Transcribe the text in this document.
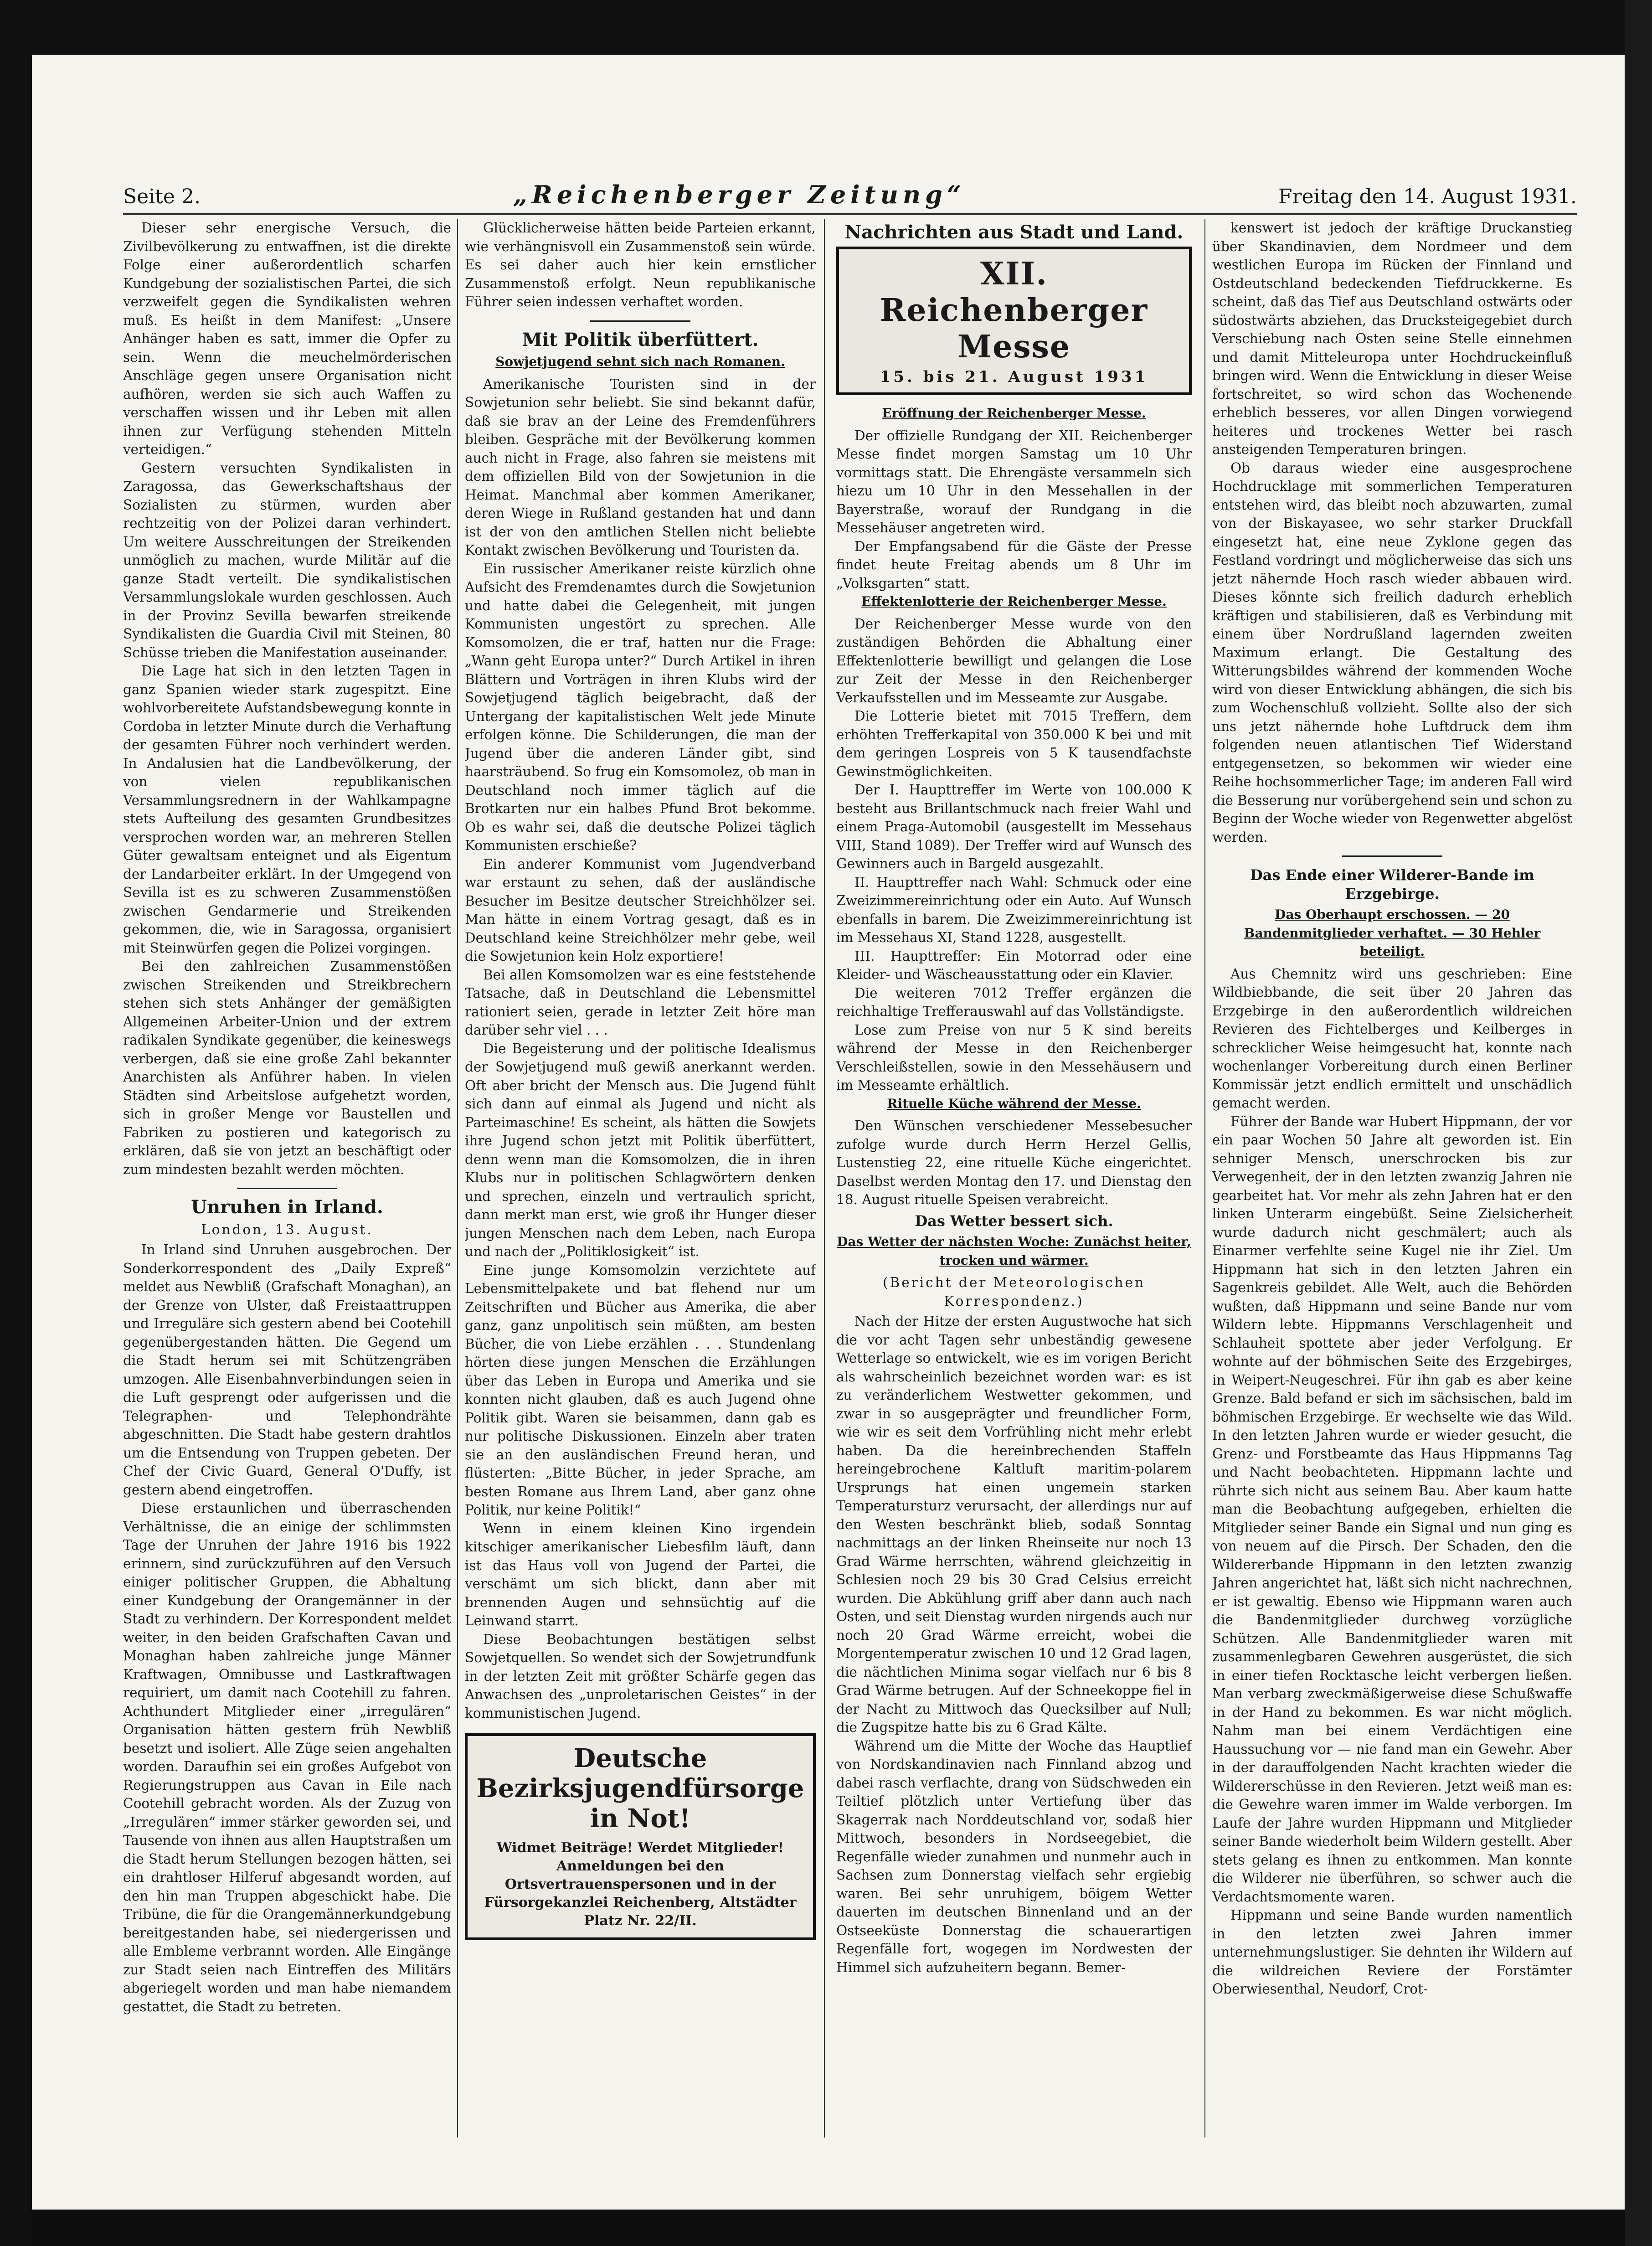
Seite 2.	„Reichenberger Zeitung“	Freitag den 14. August 1931.

Dieser sehr energische Versuch, die Zivilbevölkerung zu entwaffnen, ist die direkte Folge einer außerordentlich scharfen Kundgebung der sozialistischen Partei, die sich verzweifelt gegen die Syndikalisten wehren muß. Es heißt in dem Manifest: „Unsere Anhänger haben es satt, immer die Opfer zu sein. Wenn die meuchelmörderischen Anschläge gegen unsere Organisation nicht aufhören, werden sie sich auch Waffen zu verschaffen wissen und ihr Leben mit allen ihnen zur Verfügung stehenden Mitteln verteidigen.“

Gestern versuchten Syndikalisten in Zaragossa, das Gewerkschaftshaus der Sozialisten zu stürmen, wurden aber rechtzeitig von der Polizei daran verhindert. Um weitere Ausschreitungen der Streikenden unmöglich zu machen, wurde Militär auf die ganze Stadt verteilt. Die syndikalistischen Versammlungslokale wurden geschlossen. Auch in der Provinz Sevilla bewarfen streikende Syndikalisten die Guardia Civil mit Steinen, 80 Schüsse trieben die Manifestation auseinander.

Die Lage hat sich in den letzten Tagen in ganz Spanien wieder stark zugespitzt. Eine wohlvorbereitete Aufstandsbewegung konnte in Cordoba in letzter Minute durch die Verhaftung der gesamten Führer noch verhindert werden. In Andalusien hat die Landbevölkerung, der von vielen republikanischen Versammlungsrednern in der Wahlkampagne stets Aufteilung des gesamten Grundbesitzes versprochen worden war, an mehreren Stellen Güter gewaltsam enteignet und als Eigentum der Landarbeiter erklärt. In der Umgegend von Sevilla ist es zu schweren Zusammenstößen zwischen Gendarmerie und Streikenden gekommen, die, wie in Saragossa, organisiert mit Steinwürfen gegen die Polizei vorgingen.

Bei den zahlreichen Zusammenstößen zwischen Streikenden und Streikbrechern stehen sich stets Anhänger der gemäßigten Allgemeinen Arbeiter-Union und der extrem radikalen Syndikate gegenüber, die keineswegs verbergen, daß sie eine große Zahl bekannter Anarchisten als Anführer haben. In vielen Städten sind Arbeitslose aufgehetzt worden, sich in großer Menge vor Baustellen und Fabriken zu postieren und kategorisch zu erklären, daß sie von jetzt an beschäftigt oder zum mindesten bezahlt werden möchten.

Unruhen in Irland.
London, 13. August.

In Irland sind Unruhen ausgebrochen. Der Sonderkorrespondent des „Daily Expreß“ meldet aus Newbliß (Grafschaft Monaghan), an der Grenze von Ulster, daß Freistaattruppen und Irreguläre sich gestern abend bei Cootehill gegenübergestanden hätten. Die Gegend um die Stadt herum sei mit Schützengräben umzogen. Alle Eisenbahnverbindungen seien in die Luft gesprengt oder aufgerissen und die Telegraphen- und Telephondrähte abgeschnitten. Die Stadt habe gestern drahtlos um die Entsendung von Truppen gebeten. Der Chef der Civic Guard, General O'Duffy, ist gestern abend eingetroffen.

Diese erstaunlichen und überraschenden Verhältnisse, die an einige der schlimmsten Tage der Unruhen der Jahre 1916 bis 1922 erinnern, sind zurückzuführen auf den Versuch einiger politischer Gruppen, die Abhaltung einer Kundgebung der Orangemänner in der Stadt zu verhindern. Der Korrespondent meldet weiter, in den beiden Grafschaften Cavan und Monaghan haben zahlreiche junge Männer Kraftwagen, Omnibusse und Lastkraftwagen requiriert, um damit nach Cootehill zu fahren. Achthundert Mitglieder einer „irregulären“ Organisation hätten gestern früh Newbliß besetzt und isoliert. Alle Züge seien angehalten worden. Daraufhin sei ein großes Aufgebot von Regierungstruppen aus Cavan in Eile nach Cootehill gebracht worden. Als der Zuzug von „Irregulären“ immer stärker geworden sei, und Tausende von ihnen aus allen Hauptstraßen um die Stadt herum Stellungen bezogen hätten, sei ein drahtloser Hilferuf abgesandt worden, auf den hin man Truppen abgeschickt habe. Die Tribüne, die für die Orangemännerkundgebung bereitgestanden habe, sei niedergerissen und alle Embleme verbrannt worden. Alle Eingänge zur Stadt seien nach Eintreffen des Militärs abgeriegelt worden und man habe niemandem gestattet, die Stadt zu betreten.

Glücklicherweise hätten beide Parteien erkannt, wie verhängnisvoll ein Zusammenstoß sein würde. Es sei daher auch hier kein ernstlicher Zusammenstoß erfolgt. Neun republikanische Führer seien indessen verhaftet worden.

Mit Politik überfüttert.
Sowjetjugend sehnt sich nach Romanen.

Amerikanische Touristen sind in der Sowjetunion sehr beliebt. Sie sind bekannt dafür, daß sie brav an der Leine des Fremdenführers bleiben. Gespräche mit der Bevölkerung kommen auch nicht in Frage, also fahren sie meistens mit dem offiziellen Bild von der Sowjetunion in die Heimat. Manchmal aber kommen Amerikaner, deren Wiege in Rußland gestanden hat und dann ist der von den amtlichen Stellen nicht beliebte Kontakt zwischen Bevölkerung und Touristen da.

Ein russischer Amerikaner reiste kürzlich ohne Aufsicht des Fremdenamtes durch die Sowjetunion und hatte dabei die Gelegenheit, mit jungen Kommunisten ungestört zu sprechen. Alle Komsomolzen, die er traf, hatten nur die Frage: „Wann geht Europa unter?“ Durch Artikel in ihren Blättern und Vorträgen in ihren Klubs wird der Sowjetjugend täglich beigebracht, daß der Untergang der kapitalistischen Welt jede Minute erfolgen könne. Die Schilderungen, die man der Jugend über die anderen Länder gibt, sind haarsträubend. So frug ein Komsomolez, ob man in Deutschland noch immer täglich auf die Brotkarten nur ein halbes Pfund Brot bekomme. Ob es wahr sei, daß die deutsche Polizei täglich Kommunisten erschieße?

Ein anderer Kommunist vom Jugendverband war erstaunt zu sehen, daß der ausländische Besucher im Besitze deutscher Streichhölzer sei. Man hätte in einem Vortrag gesagt, daß es in Deutschland keine Streichhölzer mehr gebe, weil die Sowjetunion kein Holz exportiere!

Bei allen Komsomolzen war es eine feststehende Tatsache, daß in Deutschland die Lebensmittel rationiert seien, gerade in letzter Zeit höre man darüber sehr viel . . .

Die Begeisterung und der politische Idealismus der Sowjetjugend muß gewiß anerkannt werden. Oft aber bricht der Mensch aus. Die Jugend fühlt sich dann auf einmal als Jugend und nicht als Parteimaschine! Es scheint, als hätten die Sowjets ihre Jugend schon jetzt mit Politik überfüttert, denn wenn man die Komsomolzen, die in ihren Klubs nur in politischen Schlagwörtern denken und sprechen, einzeln und vertraulich spricht, dann merkt man erst, wie groß ihr Hunger dieser jungen Menschen nach dem Leben, nach Europa und nach der „Politiklosigkeit“ ist.

Eine junge Komsomolzin verzichtete auf Lebensmittelpakete und bat flehend nur um Zeitschriften und Bücher aus Amerika, die aber ganz, ganz unpolitisch sein müßten, am besten Bücher, die von Liebe erzählen . . . Stundenlang hörten diese jungen Menschen die Erzählungen über das Leben in Europa und Amerika und sie konnten nicht glauben, daß es auch Jugend ohne Politik gibt. Waren sie beisammen, dann gab es nur politische Diskussionen. Einzeln aber traten sie an den ausländischen Freund heran, und flüsterten: „Bitte Bücher, in jeder Sprache, am besten Romane aus Ihrem Land, aber ganz ohne Politik, nur keine Politik!“

Wenn in einem kleinen Kino irgendein kitschiger amerikanischer Liebesfilm läuft, dann ist das Haus voll von Jugend der Partei, die verschämt um sich blickt, dann aber mit brennenden Augen und sehnsüchtig auf die Leinwand starrt.

Diese Beobachtungen bestätigen selbst Sowjetquellen. So wendet sich der Sowjetrundfunk in der letzten Zeit mit größter Schärfe gegen das Anwachsen des „unproletarischen Geistes“ in der kommunistischen Jugend.

Deutsche Bezirksjugendfürsorge in Not!
Widmet Beiträge! Werdet Mitglieder! Anmeldungen bei den Ortsvertrauenspersonen und in der Fürsorgekanzlei Reichenberg, Altstädter Platz Nr. 22/II.
Nachrichten aus Stadt und Land.
XII. Reichenberger Messe
15. bis 21. August 1931
Eröffnung der Reichenberger Messe.

Der offizielle Rundgang der XII. Reichenberger Messe findet morgen Samstag um 10 Uhr vormittags statt. Die Ehrengäste versammeln sich hiezu um 10 Uhr in den Messehallen in der Bayerstraße, worauf der Rundgang in die Messehäuser angetreten wird.

Der Empfangsabend für die Gäste der Presse findet heute Freitag abends um 8 Uhr im „Volksgarten“ statt.

Effektenlotterie der Reichenberger Messe.

Der Reichenberger Messe wurde von den zuständigen Behörden die Abhaltung einer Effektenlotterie bewilligt und gelangen die Lose zur Zeit der Messe in den Reichenberger Verkaufsstellen und im Messeamte zur Ausgabe.

Die Lotterie bietet mit 7015 Treffern, dem erhöhten Trefferkapital von 350.000 K bei und mit dem geringen Lospreis von 5 K tausendfachste Gewinstmöglichkeiten.

Der I. Haupttreffer im Werte von 100.000 K besteht aus Brillantschmuck nach freier Wahl und einem Praga-Automobil (ausgestellt im Messehaus VIII, Stand 1089). Der Treffer wird auf Wunsch des Gewinners auch in Bargeld ausgezahlt.

II. Haupttreffer nach Wahl: Schmuck oder eine Zweizimmereinrichtung oder ein Auto. Auf Wunsch ebenfalls in barem. Die Zweizimmereinrichtung ist im Messehaus XI, Stand 1228, ausgestellt.

III. Haupttreffer: Ein Motorrad oder eine Kleider- und Wäscheausstattung oder ein Klavier.

Die weiteren 7012 Treffer ergänzen die reichhaltige Trefferauswahl auf das Vollständigste.

Lose zum Preise von nur 5 K sind bereits während der Messe in den Reichenberger Verschleißstellen, sowie in den Messehäusern und im Messeamte erhältlich.

Rituelle Küche während der Messe.

Den Wünschen verschiedener Messebesucher zufolge wurde durch Herrn Herzel Gellis, Lustenstieg 22, eine rituelle Küche eingerichtet. Daselbst werden Montag den 17. und Dienstag den 18. August rituelle Speisen verabreicht.

Das Wetter bessert sich.
Das Wetter der nächsten Woche: Zunächst heiter, trocken und wärmer.
(Bericht der Meteorologischen Korrespondenz.)

Nach der Hitze der ersten Augustwoche hat sich die vor acht Tagen sehr unbeständig gewesene Wetterlage so entwickelt, wie es im vorigen Bericht als wahrscheinlich bezeichnet worden war: es ist zu veränderlichem Westwetter gekommen, und zwar in so ausgeprägter und freundlicher Form, wie wir es seit dem Vorfrühling nicht mehr erlebt haben. Da die hereinbrechenden Staffeln hereingebrochene Kaltluft maritim-polarem Ursprungs hat einen ungemein starken Temperatursturz verursacht, der allerdings nur auf den Westen beschränkt blieb, sodaß Sonntag nachmittags an der linken Rheinseite nur noch 13 Grad Wärme herrschten, während gleichzeitig in Schlesien noch 29 bis 30 Grad Celsius erreicht wurden. Die Abkühlung griff aber dann auch nach Osten, und seit Dienstag wurden nirgends auch nur noch 20 Grad Wärme erreicht, wobei die Morgentemperatur zwischen 10 und 12 Grad lagen, die nächtlichen Minima sogar vielfach nur 6 bis 8 Grad Wärme betrugen. Auf der Schneekoppe fiel in der Nacht zu Mittwoch das Quecksilber auf Null; die Zugspitze hatte bis zu 6 Grad Kälte.

Während um die Mitte der Woche das Hauptlief von Nordskandinavien nach Finnland abzog und dabei rasch verflachte, drang von Südschweden ein Teiltief plötzlich unter Vertiefung über das Skagerrak nach Norddeutschland vor, sodaß hier Mittwoch, besonders in Nordseegebiet, die Regenfälle wieder zunahmen und nunmehr auch in Sachsen zum Donnerstag vielfach sehr ergiebig waren. Bei sehr unruhigem, böigem Wetter dauerten im deutschen Binnenland und an der Ostseeküste Donnerstag die schauerartigen Regenfälle fort, wogegen im Nordwesten der Himmel sich aufzuheitern begann. Bemer-

kenswert ist jedoch der kräftige Druckanstieg über Skandinavien, dem Nordmeer und dem westlichen Europa im Rücken der Finnland und Ostdeutschland bedeckenden Tiefdruckkerne. Es scheint, daß das Tief aus Deutschland ostwärts oder südostwärts abziehen, das Drucksteigegebiet durch Verschiebung nach Osten seine Stelle einnehmen und damit Mitteleuropa unter Hochdruckeinfluß bringen wird. Wenn die Entwicklung in dieser Weise fortschreitet, so wird schon das Wochenende erheblich besseres, vor allen Dingen vorwiegend heiteres und trockenes Wetter bei rasch ansteigenden Temperaturen bringen.

Ob daraus wieder eine ausgesprochene Hochdrucklage mit sommerlichen Temperaturen entstehen wird, das bleibt noch abzuwarten, zumal von der Biskayasee, wo sehr starker Druckfall eingesetzt hat, eine neue Zyklone gegen das Festland vordringt und möglicherweise das sich uns jetzt nähernde Hoch rasch wieder abbauen wird. Dieses könnte sich freilich dadurch erheblich kräftigen und stabilisieren, daß es Verbindung mit einem über Nordrußland lagernden zweiten Maximum erlangt. Die Gestaltung des Witterungsbildes während der kommenden Woche wird von dieser Entwicklung abhängen, die sich bis zum Wochenschluß vollzieht. Sollte also der sich uns jetzt nähernde hohe Luftdruck dem ihm folgenden neuen atlantischen Tief Widerstand entgegensetzen, so bekommen wir wieder eine Reihe hochsommerlicher Tage; im anderen Fall wird die Besserung nur vorübergehend sein und schon zu Beginn der Woche wieder von Regenwetter abgelöst werden.

Das Ende einer Wilderer-Bande im Erzgebirge.
Das Oberhaupt erschossen. — 20 Bandenmitglieder verhaftet. — 30 Hehler beteiligt.

Aus Chemnitz wird uns geschrieben: Eine Wildbiebbande, die seit über 20 Jahren das Erzgebirge in den außerordentlich wildreichen Revieren des Fichtelberges und Keilberges in schrecklicher Weise heimgesucht hat, konnte nach wochenlanger Vorbereitung durch einen Berliner Kommissär jetzt endlich ermittelt und unschädlich gemacht werden.

Führer der Bande war Hubert Hippmann, der vor ein paar Wochen 50 Jahre alt geworden ist. Ein sehniger Mensch, unerschrocken bis zur Verwegenheit, der in den letzten zwanzig Jahren nie gearbeitet hat. Vor mehr als zehn Jahren hat er den linken Unterarm eingebüßt. Seine Zielsicherheit wurde dadurch nicht geschmälert; auch als Einarmer verfehlte seine Kugel nie ihr Ziel. Um Hippmann hat sich in den letzten Jahren ein Sagenkreis gebildet. Alle Welt, auch die Behörden wußten, daß Hippmann und seine Bande nur vom Wildern lebte. Hippmanns Verschlagenheit und Schlauheit spottete aber jeder Verfolgung. Er wohnte auf der böhmischen Seite des Erzgebirges, in Weipert-Neugeschrei. Für ihn gab es aber keine Grenze. Bald befand er sich im sächsischen, bald im böhmischen Erzgebirge. Er wechselte wie das Wild. In den letzten Jahren wurde er wieder gesucht, die Grenz- und Forstbeamte das Haus Hippmanns Tag und Nacht beobachteten. Hippmann lachte und rührte sich nicht aus seinem Bau. Aber kaum hatte man die Beobachtung aufgegeben, erhielten die Mitglieder seiner Bande ein Signal und nun ging es von neuem auf die Pirsch. Der Schaden, den die Wildererbande Hippmann in den letzten zwanzig Jahren angerichtet hat, läßt sich nicht nachrechnen, er ist gewaltig. Ebenso wie Hippmann waren auch die Bandenmitglieder durchweg vorzügliche Schützen. Alle Bandenmitglieder waren mit zusammenlegbaren Gewehren ausgerüstet, die sich in einer tiefen Rocktasche leicht verbergen ließen. Man verbarg zweckmäßigerweise diese Schußwaffe in der Hand zu bekommen. Es war nicht möglich. Nahm man bei einem Verdächtigen eine Haussuchung vor — nie fand man ein Gewehr. Aber in der darauffolgenden Nacht krachten wieder die Wildererschüsse in den Revieren. Jetzt weiß man es: die Gewehre waren immer im Walde verborgen. Im Laufe der Jahre wurden Hippmann und Mitglieder seiner Bande wiederholt beim Wildern gestellt. Aber stets gelang es ihnen zu entkommen. Man konnte die Wilderer nie überführen, so schwer auch die Verdachtsmomente waren.

Hippmann und seine Bande wurden namentlich in den letzten zwei Jahren immer unternehmungslustiger. Sie dehnten ihr Wildern auf die wildreichen Reviere der Forstämter Oberwiesenthal, Neudorf, Crot-
